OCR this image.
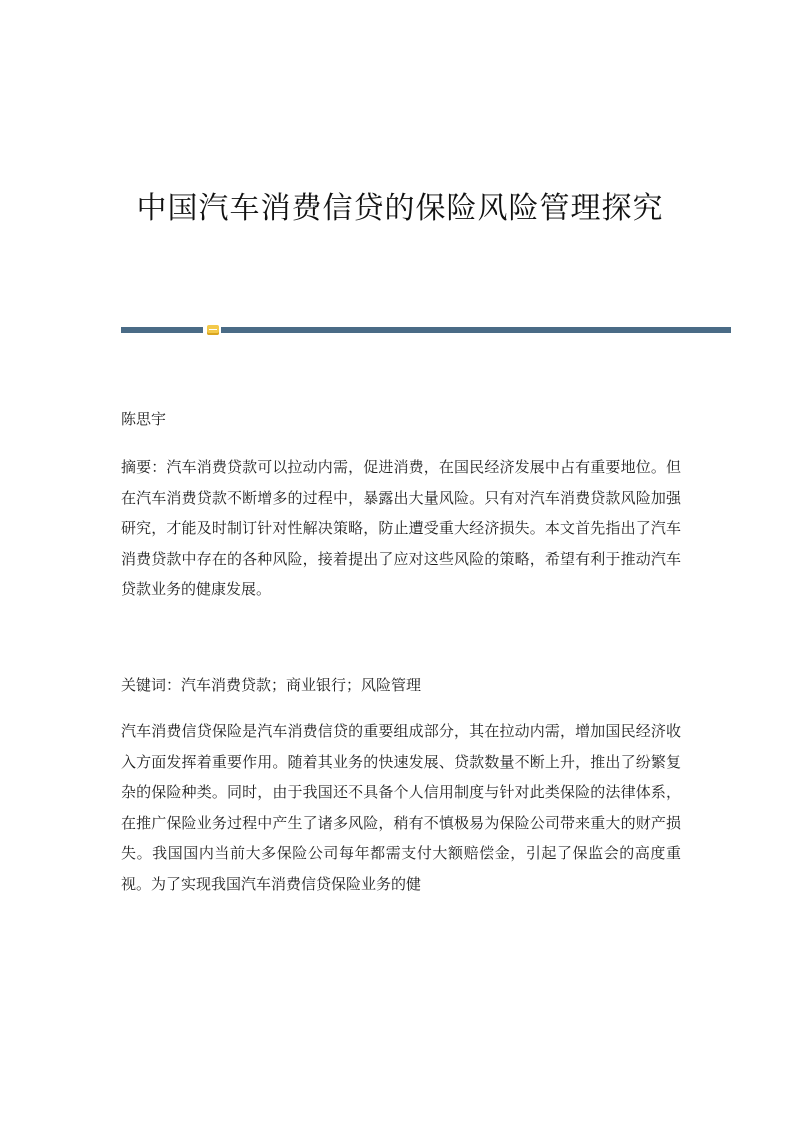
中国汽车消费信贷的保险风险管理探究

陈思宇

摘要：汽车消费贷款可以拉动内需，促进消费，在国民经济发展中占有重要地位。但在汽车消费贷款不断增多的过程中，暴露出大量风险。只有对汽车消费贷款风险加强研究，才能及时制订针对性解决策略，防止遭受重大经济损失。本文首先指出了汽车消费贷款中存在的各种风险，接着提出了应对这些风险的策略，希望有利于推动汽车贷款业务的健康发展。

关键词：汽车消费贷款；商业银行；风险管理

汽车消费信贷保险是汽车消费信贷的重要组成部分，其在拉动内需，增加国民经济收入方面发挥着重要作用。随着其业务的快速发展、贷款数量不断上升，推出了纷繁复杂的保险种类。同时，由于我国还不具备个人信用制度与针对此类保险的法律体系，在推广保险业务过程中产生了诸多风险，稍有不慎极易为保险公司带来重大的财产损失。我国国内当前大多保险公司每年都需支付大额赔偿金，引起了保监会的高度重视。为了实现我国汽车消费信贷保险业务的健
